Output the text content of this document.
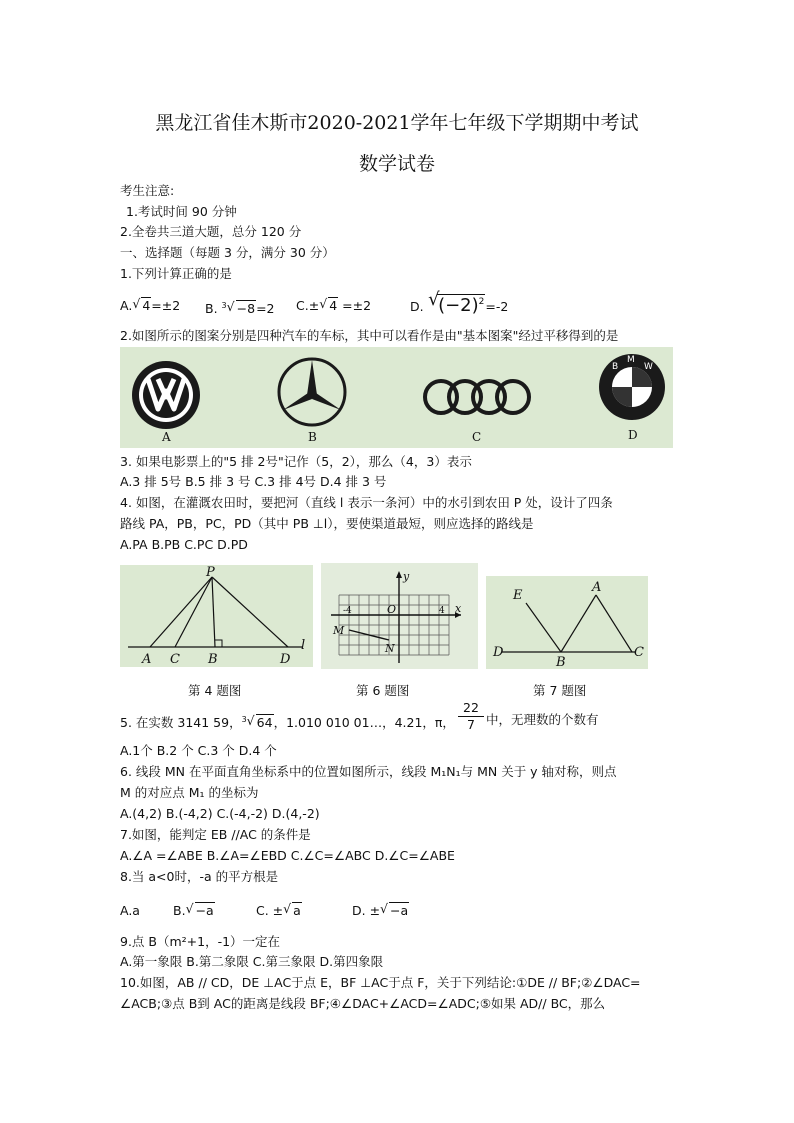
黑龙江省佳木斯市2020-2021学年七年级下学期期中考试
数学试卷
考生注意:
1.考试时间 90 分钟
2.全卷共三道大题，总分 120 分
一、选择题（每题 3 分，满分 30 分）
1.下列计算正确的是
A. √ 4=±2 B. $^3$ √ −8=2 C.± √ 4 =±2	D. √ $(-2)^2=-2$
2.如图所示的图案分别是四种汽车的车标，其中可以看作是由"基本图案"经过平移得到的是
B
M
W
A	B	C	D
3. 如果电影票上的"5 排 2号"记作（5，2），那么（4，3）表示
A.3 排 5号 B.5 排 3 号 C.3 排 4号 D.4 排 3 号
4. 如图，在灌溉农田时，要把河（直线 l 表示一条河）中的水引到农田 P 处，设计了四条
路线 PA，PB，PC，PD（其中 PB ⊥l），要使渠道最短，则应选择的路线是
A.PA B.PB C.PC D.PD
P
A C B	D
l
第 4 题图
y
x
O
M
N
-4	4
第 6 题图
E
A
D
B
C
第 7 题图
5. 在实数 3141 59，$^3$ √ 64，1.010 010 01…，4.21，π，
22
7 中，无理数的个数有
A.1个 B.2 个 C.3 个 D.4 个
6. 线段 MN 在平面直角坐标系中的位置如图所示，线段 M₁N₁与 MN 关于 y 轴对称，则点
M 的对应点 M₁ 的坐标为
A.(4,2) B.(-4,2) C.(-4,-2) D.(4,-2)
7.如图，能判定 EB //AC 的条件是
A.∠A =∠ABE B.∠A=∠EBD C.∠C=∠ABC D.∠C=∠ABE
8.当 a<0时，-a 的平方根是
A.a	B. √ −a	C. ± √ a	D. ± √ −a
9.点 B（m²+1，-1）一定在
A.第一象限 B.第二象限 C.第三象限 D.第四象限
10.如图，AB // CD，DE ⊥AC于点 E，BF ⊥AC于点 F，关于下列结论:①DE // BF;②∠DAC=
∠ACB;③点 B到 AC的距离是线段 BF;④∠DAC+∠ACD=∠ADC;⑤如果 AD// BC，那么
